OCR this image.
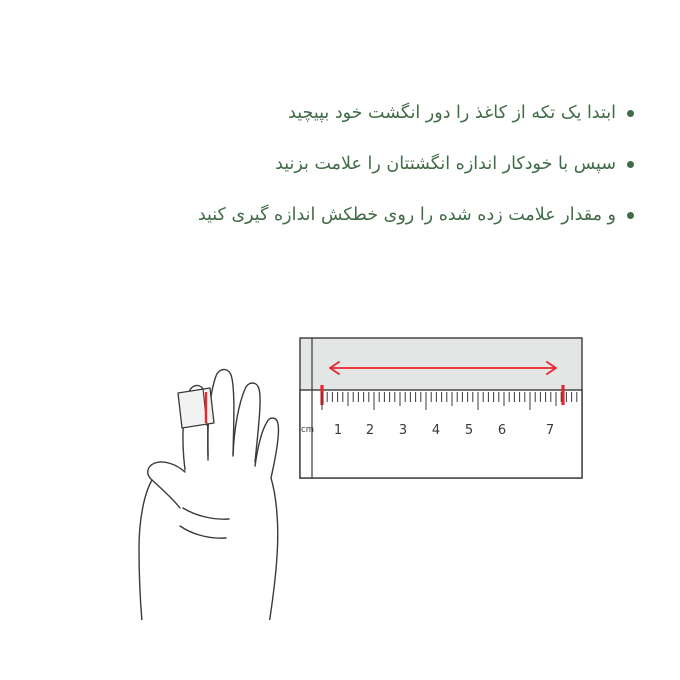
ابتدا یک تکه از کاغذ را دور انگشت خود بپیچید
سپس با خودکار اندازه انگشتتان را علامت بزنید
و مقدار علامت زده شده را روی خطکش اندازه گیری کنید
cm 1 2 3 4 5 6	7
